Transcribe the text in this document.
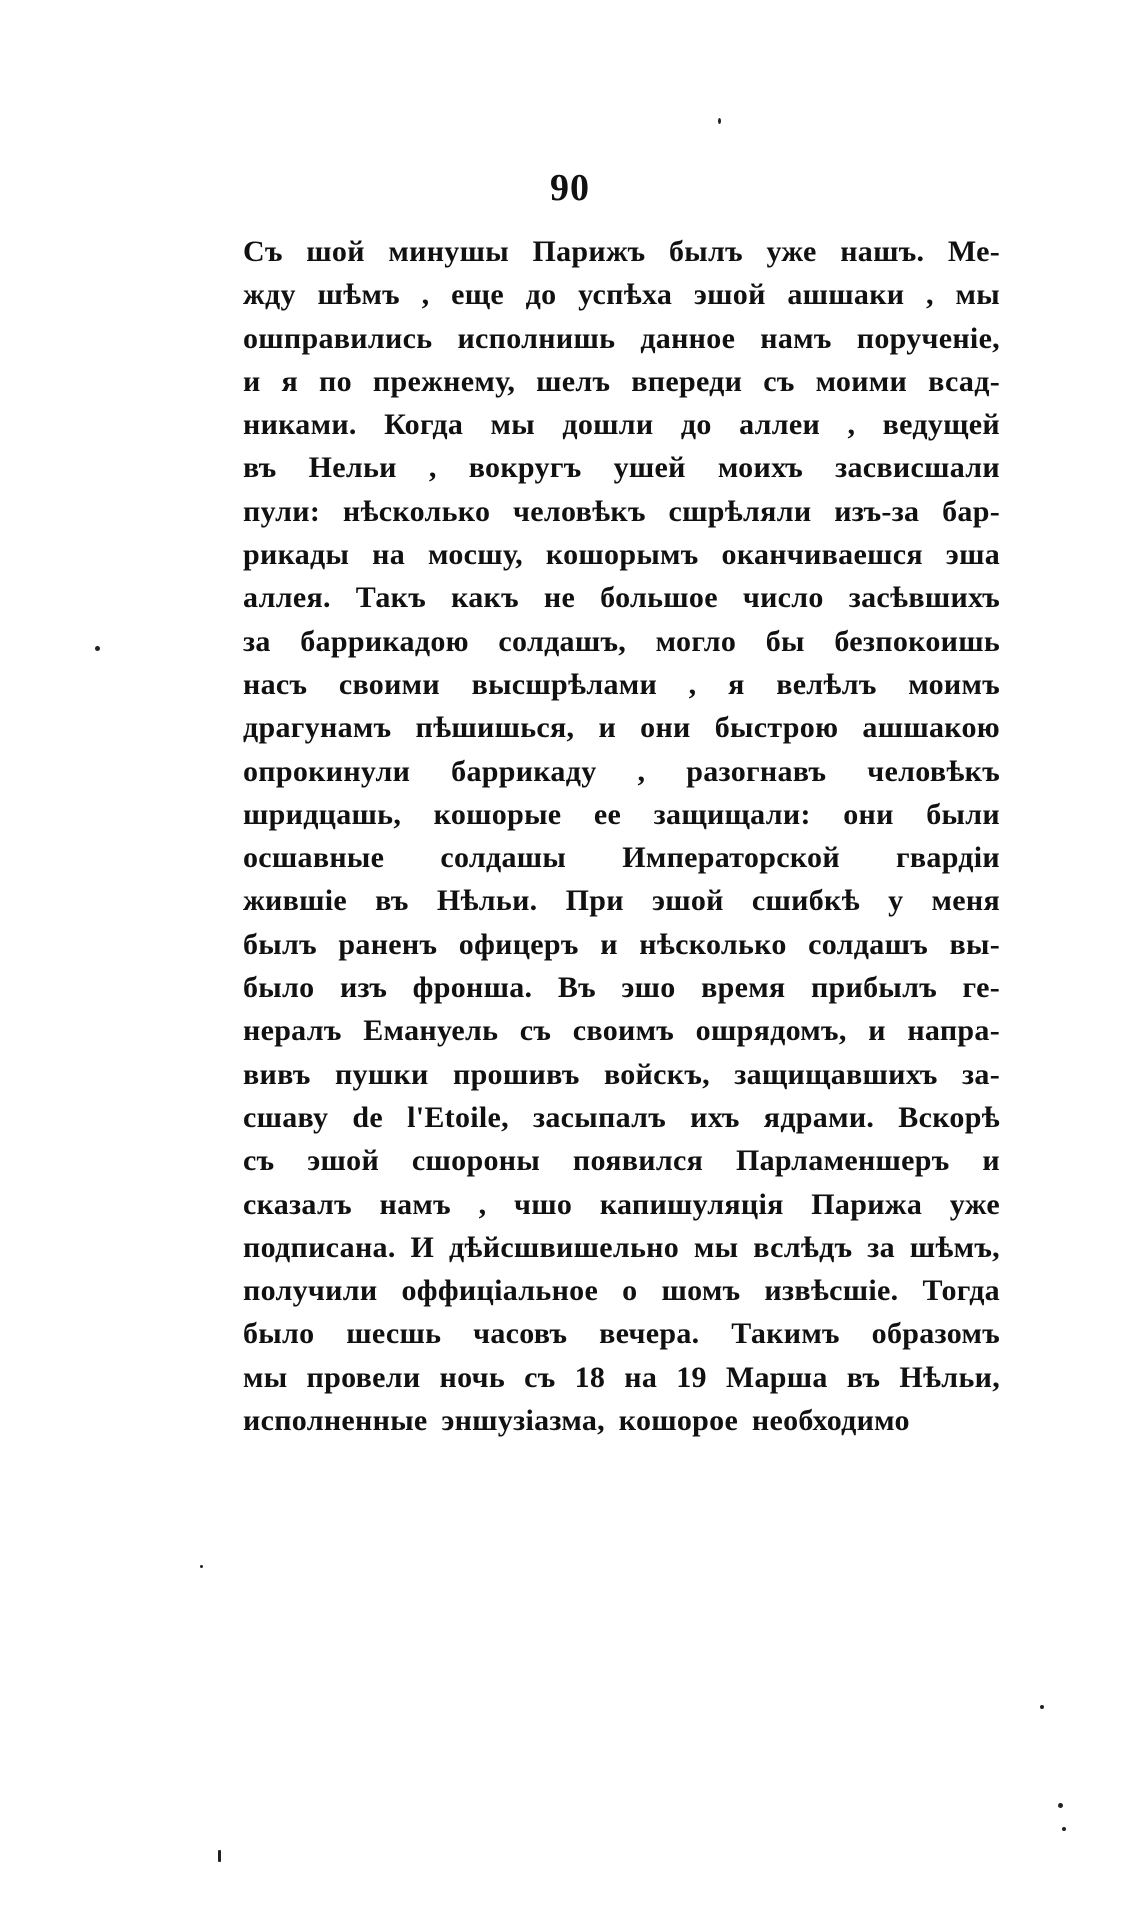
90
Съ шой минушы Парижъ былъ уже нашъ. Ме-
жду шѣмъ , еще до успѣха эшой ашшаки , мы
ошправились исполнишь данное намъ порученіе,
и я по прежнему, шелъ впереди съ моими всад-
никами. Когда мы дошли до аллеи , ведущей
въ Нельи , вокругъ ушей моихъ засвисшали
пули: нѣсколько человѣкъ сшрѣляли изъ-за бар-
рикады на мосшу, кошорымъ оканчиваешся эша
аллея. Такъ какъ не большое число засѣвшихъ
за баррикадою солдашъ, могло бы безпокоишь
насъ своими высшрѣлами , я велѣлъ моимъ
драгунамъ пѣшишься, и они быстрою ашшакою
опрокинули баррикаду , разогнавъ человѣкъ
шридцашь, кошорые ее защищали: они были
осшавные солдашы Императорской гвардіи
жившіе въ Нѣльи. При эшой сшибкѣ у меня
былъ раненъ офицеръ и нѣсколько солдашъ вы-
было изъ фронша. Въ эшо время прибылъ ге-
нералъ Емануель съ своимъ ошрядомъ, и напра-
вивъ пушки прошивъ войскъ, защищавшихъ за-
сшаву de l'Etoile, засыпалъ ихъ ядрами. Вскорѣ
съ эшой сшороны появился Парламеншеръ и
сказалъ намъ , чшо капишуляція Парижа уже
подписана. И дѣйсшвишельно мы вслѣдъ за шѣмъ,
получили оффиціальное о шомъ извѣсшіе. Тогда
было шесшь часовъ вечера. Такимъ образомъ
мы провели ночь съ 18 на 19 Марша въ Нѣльи,
исполненные эншузіазма, кошорое необходимо
